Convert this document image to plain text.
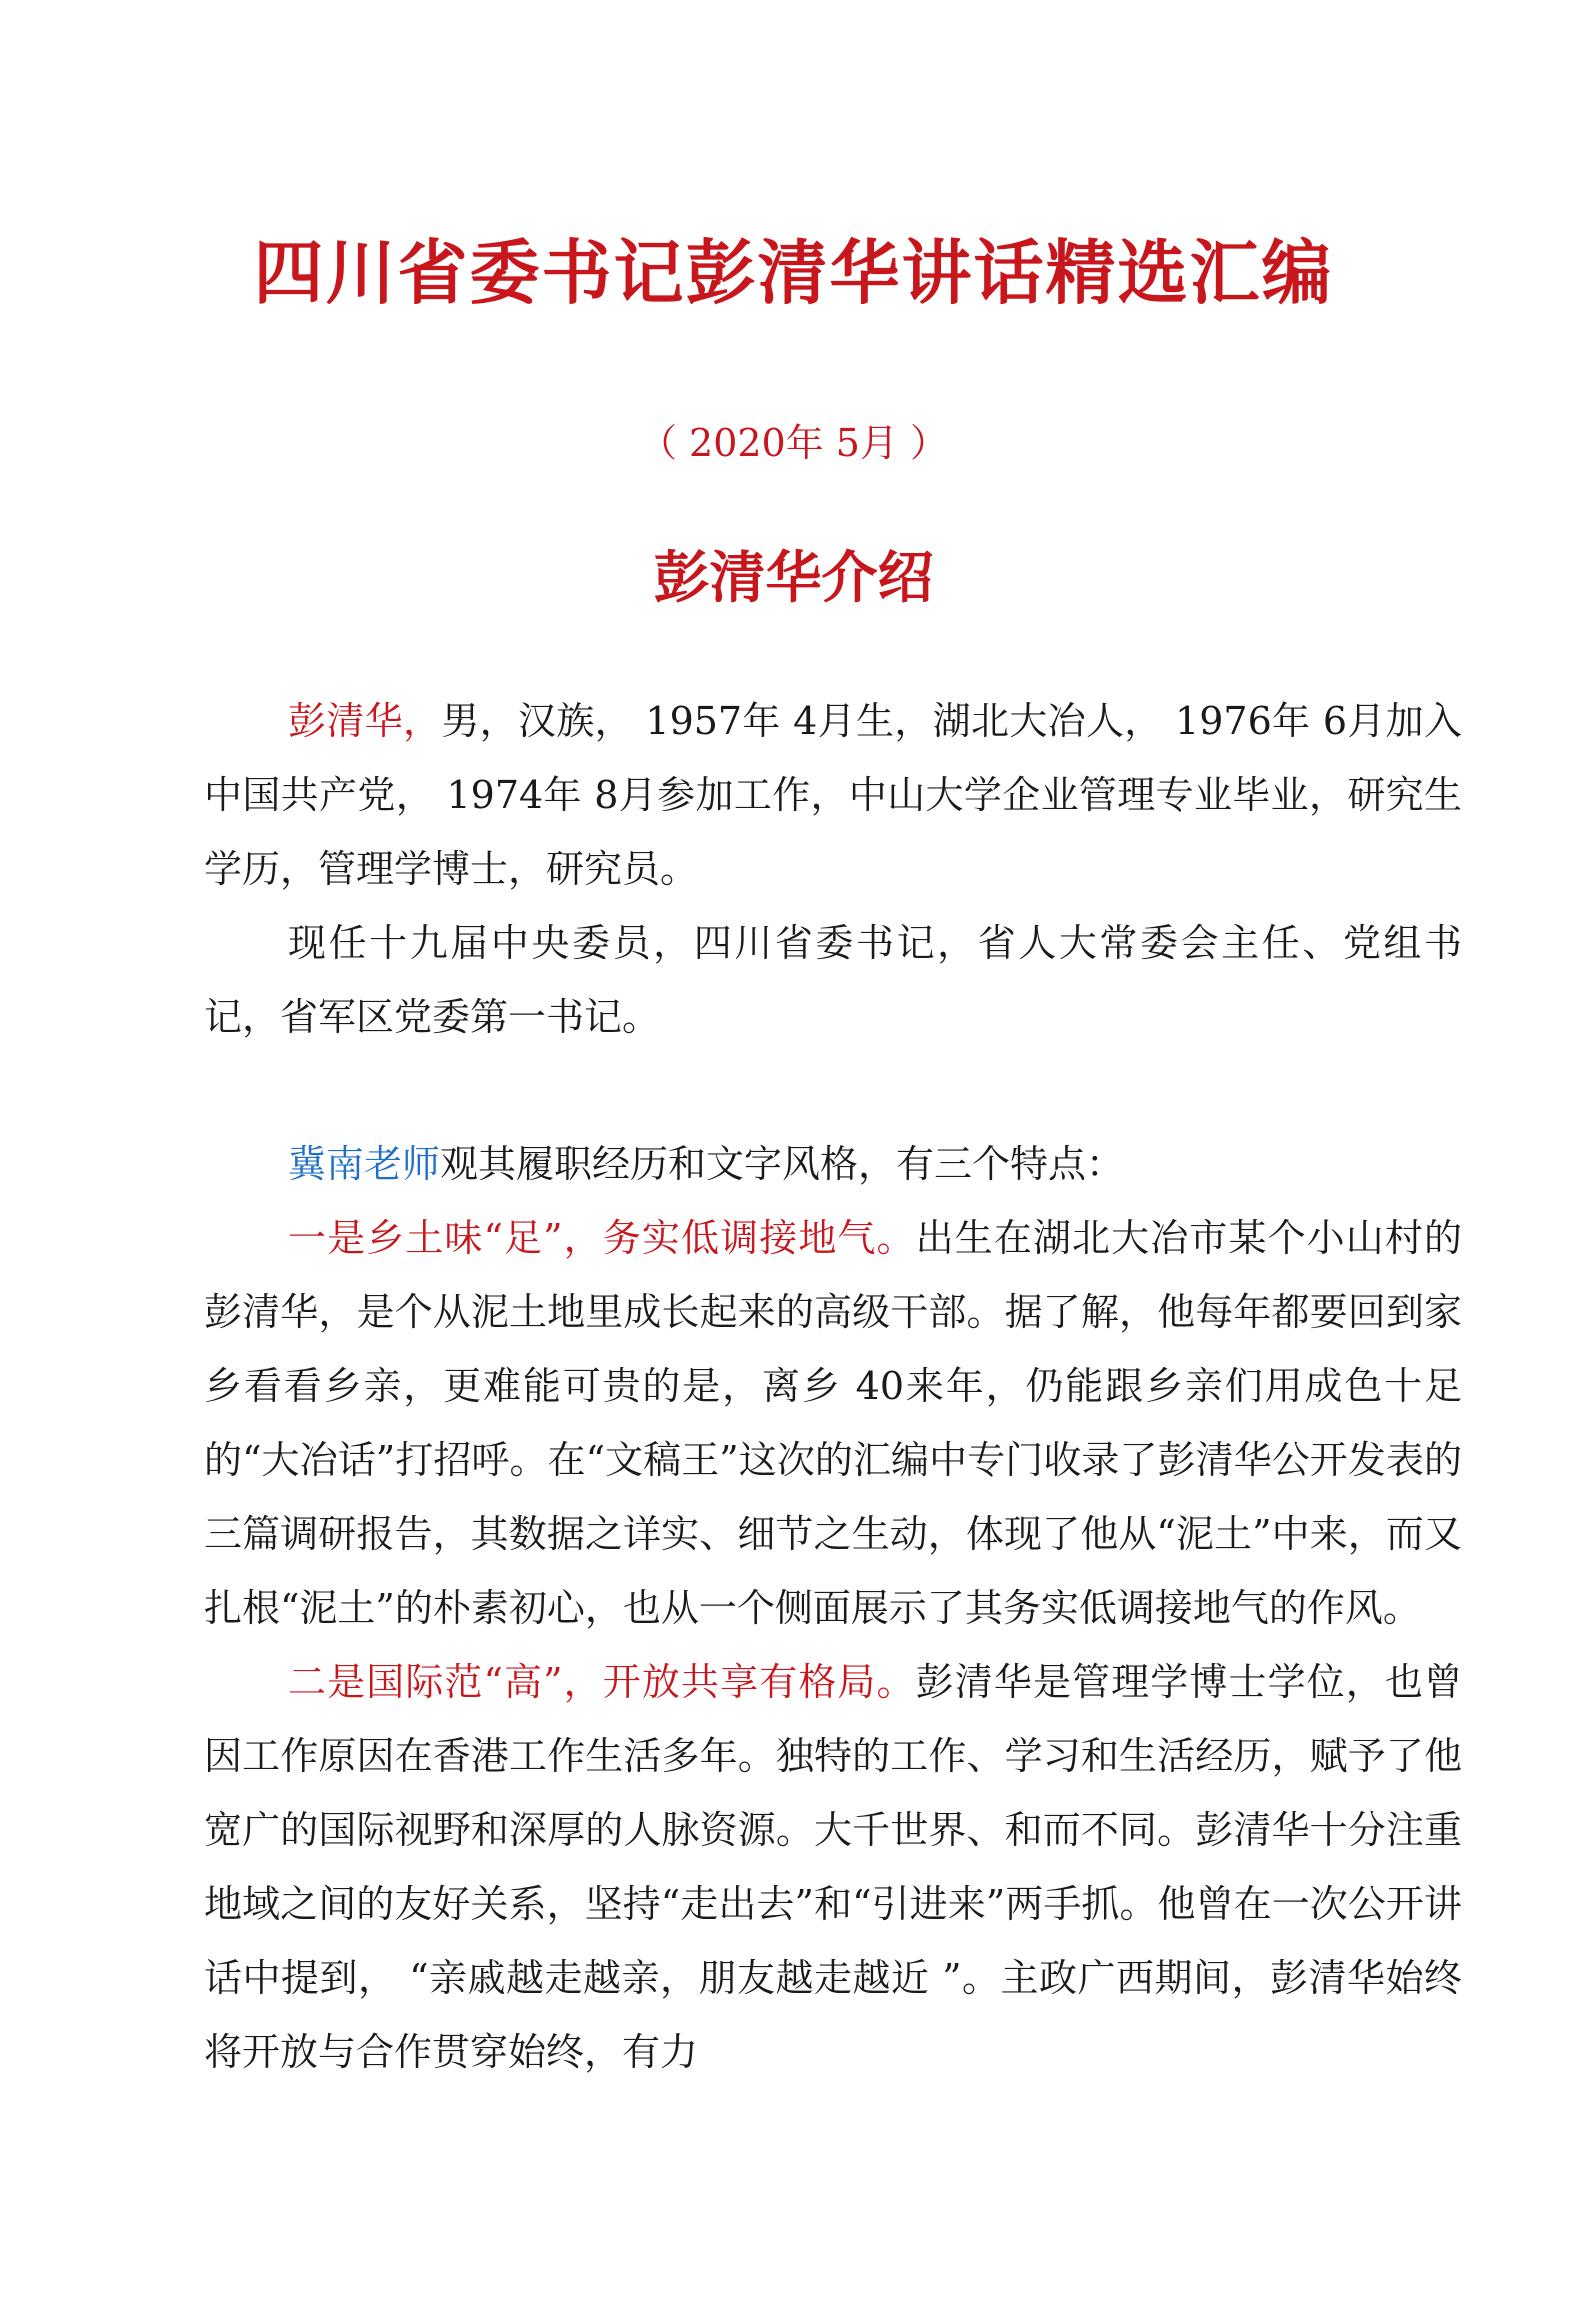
四川省委书记彭清华讲话精选汇编
（ 2020年 5月 ）
彭清华介绍

彭清华，男，汉族， 1957年 4月生，湖北大冶人， 1976年 6月加入中国共产党， 1974年 8月参加工作，中山大学企业管理专业毕业，研究生学历，管理学博士，研究员。

现任十九届中央委员，四川省委书记，省人大常委会主任、党组书记，省军区党委第一书记。

冀南老师观其履职经历和文字风格，有三个特点：

一是乡土味“足”，务实低调接地气。出生在湖北大冶市某个小山村的彭清华，是个从泥土地里成长起来的高级干部。据了解，他每年都要回到家乡看看乡亲，更难能可贵的是，离乡 40来年，仍能跟乡亲们用成色十足的“大冶话”打招呼。在“文稿王”这次的汇编中专门收录了彭清华公开发表的三篇调研报告，其数据之详实、细节之生动，体现了他从“泥土”中来，而又扎根“泥土”的朴素初心，也从一个侧面展示了其务实低调接地气的作风。

二是国际范“高”，开放共享有格局。彭清华是管理学博士学位，也曾因工作原因在香港工作生活多年。独特的工作、学习和生活经历，赋予了他宽广的国际视野和深厚的人脉资源。大千世界、和而不同。彭清华十分注重地域之间的友好关系，坚持“走出去”和“引进来”两手抓。他曾在一次公开讲话中提到， “亲戚越走越亲，朋友越走越近 ”。主政广西期间，彭清华始终将开放与合作贯穿始终，有力
